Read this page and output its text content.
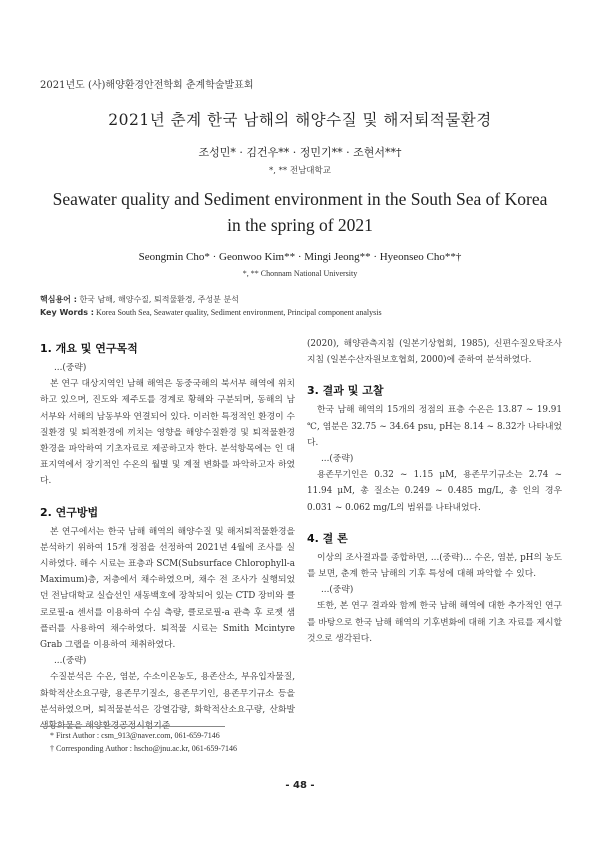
2021년도 (사)해양환경안전학회 춘계학술발표회
2021년 춘계 한국 남해의 해양수질 및 해저퇴적물환경
조성민* · 김건우** · 정민기** · 조현서**†
*, ** 전남대학교
Seawater quality and Sediment environment in the South Sea of Korea
in the spring of 2021
Seongmin Cho* · Geonwoo Kim** · Mingi Jeong** · Hyeonseo Cho**†
*, ** Chonnam National University
핵심용어 : 한국 남해, 해양수질, 퇴적물환경, 주성분 분석
Key Words : Korea South Sea, Seawater quality, Sediment environment, Principal component analysis
1. 개요 및 연구목적
...(중략)

본 연구 대상지역인 남해 해역은 동중국해의 북서부 해역에 위치하고 있으며, 진도와 제주도를 경계로 황해와 구분되며, 동해의 남서부와 서해의 남동부와 연결되어 있다. 이러한 특정적인 환경이 수질환경 및 퇴적환경에 끼치는 영향을 해양수질환경 및 퇴적물환경 환경을 파악하여 기초자료로 제공하고자 한다. 분석항목에는 인 대표지역에서 장기적인 수온의 월별 및 계절 변화를 파악하고자 하였다.

2. 연구방법

본 연구에서는 한국 남해 해역의 해양수질 및 해저퇴적물환경을 분석하기 위하여 15개 정점을 선정하여 2021년 4월에 조사를 실시하였다. 해수 시료는 표층과 SCM(Subsurface Chlorophyll-a Maximum)층, 저층에서 채수하였으며, 채수 전 조사가 실행되었던 전남대학교 실습선인 새동백호에 장착되어 있는 CTD 장비와 클로로필-a 센서를 이용하여 수심 측량, 클로로필-a 관측 후 로젯 샘플러를 사용하여 채수하였다. 퇴적물 시료는 Smith Mcintyre Grab 그랩을 이용하여 채취하였다.

...(중략)

수질분석은 수온, 염분, 수소이온농도, 용존산소, 부유입자물질, 화학적산소요구량, 용존무기질소, 용존무기인, 용존무기규소 등을 분석하였으며, 퇴적물분석은 강열감량, 화학적산소요구량, 산화발생황화물을 해양환경공정시험기준

(2020), 해양관측지침 (일본기상협회, 1985), 신편수질오탁조사지침 (일본수산자원보호협회, 2000)에 준하여 분석하였다.

3. 결과 및 고찰

한국 남해 해역의 15개의 정점의 표층 수온은 13.87 ~ 19.91 ℃, 염분은 32.75 ~ 34.64 psu, pH는 8.14 ~ 8.32가 나타내었다.

...(중략)

용존무기인은 0.32 ~ 1.15 μM, 용존무기규소는 2.74 ~ 11.94 μM, 총 질소는 0.249 ~ 0.485 mg/L, 총 인의 경우 0.031 ~ 0.062 mg/L의 범위를 나타내었다.

4. 결 론

이상의 조사결과를 종합하면, ...(중략)... 수온, 염분, pH의 농도를 보면, 춘계 한국 남해의 기후 특성에 대해 파악할 수 있다.

...(중략)

또한, 본 연구 결과와 함께 한국 남해 해역에 대한 추가적인 연구를 바탕으로 한국 남해 해역의 기후변화에 대해 기초 자료를 제시할 것으로 생각된다.

* First Author : csm_913@naver.com, 061-659-7146
† Corresponding Author : hscho@jnu.ac.kr, 061-659-7146
- 48 -
